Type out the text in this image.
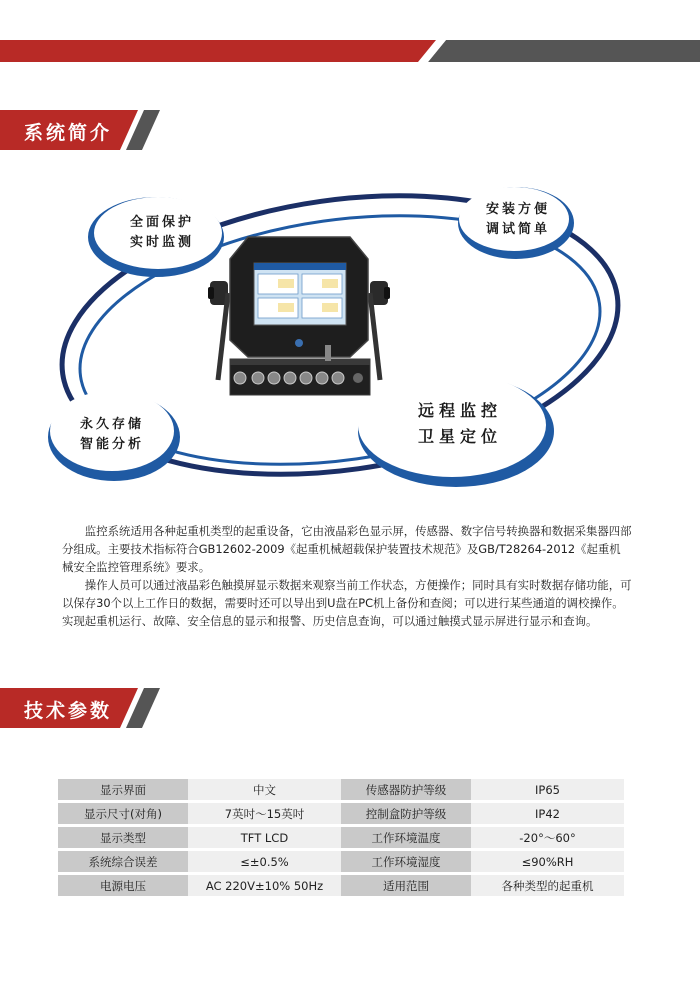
系统简介
全面保护
实时监测
安装方便
调试简单
永久存储
智能分析
远程监控
卫星定位

监控系统适用各种起重机类型的起重设备，它由液晶彩色显示屏，传感器、数字信号转换器和数据采集器四部分组成。主要技术指标符合GB12602-2009《起重机械超载保护装置技术规范》及GB/T28264-2012《起重机械安全监控管理系统》要求。

操作人员可以通过液晶彩色触摸屏显示数据来观察当前工作状态，方便操作；同时具有实时数据存储功能，可以保存30个以上工作日的数据，需要时还可以导出到U盘在PC机上备份和查阅；可以进行某些通道的调校操作。实现起重机运行、故障、安全信息的显示和报警、历史信息查询，可以通过触摸式显示屏进行显示和查询。

技术参数
显示界面	中文	传感器防护等级	IP65
显示尺寸(对角)	7英吋～15英吋	控制盒防护等级	IP42
显示类型	TFT LCD	工作环境温度	-20°～60°
系统综合误差	≤±0.5%	工作环境湿度	≤90%RH
电源电压	AC 220V±10% 50Hz	适用范围	各种类型的起重机
